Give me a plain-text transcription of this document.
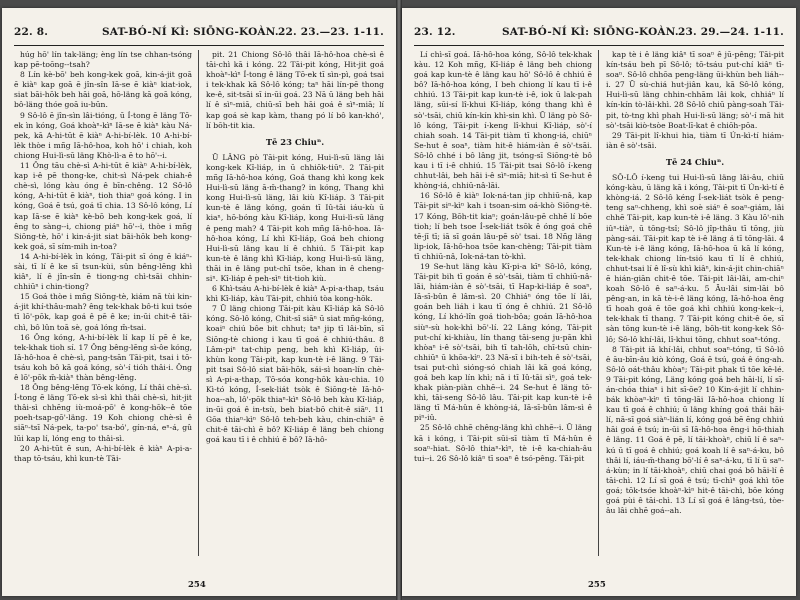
22. 8.	SAT-BÓ-NÍ KÌ: SIŌNG-KOÀN. 22. 23.—23. 1-11.

húg hō' lín tak-läng; èng lín tse chhan-tsóng kap pē-toōng--tsah?

8 Lín kè-bō' beh kong-kek goā, kin-á-jit goā ē kiàⁿ kap goā ē jîn-sîn Iā-se ē kiàⁿ kiat-iok, siat bāi-hōk beh hāi goā, hō-läng kā goā kóng, bô-läng thóe goā iu-būn.

9 Sô-lô ē jîn-sìn lâi-tióng, ū Í-tong ē läng Tō-ek ìn kóng, Goá khoàⁿ-kìⁿ Iā-se ē kiàⁿ kàu Ná-pek, kā A-hi-tūt ē kiàⁿ A-hi-bí-lèk. 10 A-hi-bí-lèk thòe i mñg Iā-hô-hoa, koh hō' i chiah, koh chiong Hui-lì-sū läng Khò-lì-a ē to hō'--i.

11 Ông tāu chè-sì A-hi-tūt ē kiàⁿ A-hi-bí-lèk, kap i-ê pē thong-ke, chit-sì Ná-pek chiah-ê chè-sì, lóng kàu óng ê bīn-chêng. 12 Sô-lô kóng, A-hi-tūt ē kiàⁿ, tioh thiaⁿ goá kóng. I in kóng, Goá ē tsú, goá tī chia. 13 Sô-lô kóng, Lí kap Iā-se ē kiàⁿ kè-bō beh kong-kek goá, lí êng to sàng--i, chiong piáⁿ hō'--i, thòe i mñg Siōng-tè, hō' i kin-á-jit siat bāi-hōk beh kong-kek goá, sī sím-mih in-toa?

14 A-hi-bí-lèk ìn kóng, Tāi-pit sī óng ē kiáⁿ-sài, tī lí ê ke sī tsun-kùi, sûn bêng-lēng khì kiâⁿ, lí ê jîn-sîn ē tiong-ng chì-tsāi chhin-chhiūⁿ i chin-tiong?

15 Goá thòe i mñg Siōng-tè, kiám nā tùi kin-á-jit khí-thâu-mah? êng tek-khak bô-ti kui tsóe tī lō'-pōk, kap goá ê pē ê ke; in-ūi chit-ê tāi-chì, bô lûn toā sè, goá lóng m̄-tsai.

16 Ông kóng, A-hi-bí-lèk lí kap lí pē ê ke, tek-khak tioh sí. 17 Ông bêng-lēng sì-ôe kóng, Iā-hô-hoa ê chè-sì, pang-tsān Tāi-pit, tsai i tō-tsáu koh bô kā goá kóng, sò'-í tióh thâi-i. Ông ê lō'-pōk m̄-kiàⁿ thàn bêng-lēng.

18 Ông bêng-lēng Tō-ek kóng, Lí thâi chè-sì. Í-tong ē läng Tō-ek sì-sì khì thâi chè-sì, hit-jit thâi-sì chhēng iù-moá-pō' ê kong-hōk--ê tōe poeh-tsap-gō'-läng. 19 Koh chiong chè-sì ê siāⁿ-tsī Ná-pek, ta-po' tsa-bó', gín-ná, eⁿ-á, gû lūi kap lí, lóng eng to thâi-sì.

20 A-hi-tūt ē sun, A-hi-bí-lèk ê kiàⁿ A-pi-a-thap tō-tsáu, khì kun-tè Tāi-

pit. 21 Chiong Sô-lô thâi Iā-hô-hoa chè-sì ê tāi-chì kā i kóng. 22 Tāi-pit kóng, Hit-jit goá khoàⁿ-kìⁿ Í-tong ê läng Tō-ek tī sìn-pì, goá tsai i tek-khak kā Sô-lô kóng; taⁿ hāi lín-pē thong ke-ê, sit-tsāi sī in-ūi goá. 23 Nā ū läng beh hāi lí ê sìⁿ-miā, chiū-sī beh hāi goá ê sìⁿ-miā; lí kap goá sè kap kàm, thang pó lí bô kan-khó', lí bōh-tit kia.

Tē 23 Chiuⁿ.

Ū LÂNG pò Tāi-pit kóng, Hui-lì-sū läng lâi kong-kek Kî-liáp, in ū chhiōk-tiūⁿ. 2 Tāi-pit mñg Iā-hô-hoa kóng, Goá thang khì kong kek Hui-lì-sū läng ā-m̄-thang? in kóng, Thang khì kong Hui-lì-sū läng, lâi kiù Kî-liáp. 3 Tāi-pit kun-tè ê läng kóng, goán tī Iû-tāi iáu-kù ū kiaⁿ, hō-bóng kàu Kî-liáp, kong Hui-lì-sū läng ê peng mah? 4 Tāi-pit koh mñg Iā-hô-hoa. Iā-hô-hoa kóng, Lí khì Kî-liáp, Goá beh chiong Hui-lì-sū läng kau lí ê chhiú. 5 Tāi-pit kap kun-tè ê läng khì Kî-liáp, kong Hui-lì-sū läng, thāi in ê läng put-chī tsōe, khan in ê cheng-siⁿ. Kî-liáp ê peh-sìⁿ tit-tioh kiù.

6 Khì-tsáu A-hi-bí-lèk ê kiàⁿ A-pi-a-thap, tsáu khì Kî-liáp, kàu Tāi-pit, chhiú tòa kong-hōk.

7 Ū läng chiong Tāi-pit kàu Kî-liáp kā Sô-lô kóng. Sô-lô kóng, Chit-sî siāⁿ ū siat mñg-kóng, koaiⁿ chiú bôe bit chhut; taⁿ jip tī lâi-bīn, sī Siōng-tè chiong i kau tī goá ê chhiú-thâu. 8 Lâm-piⁿ tat-chip peng, beh khì Kî-liáp, ûi-khùn kong Tāi-pit, kap kun-tè i-ê läng. 9 Tāi-pit tsai Sô-lô siat bāi-hōk, sái-sì hoan-lín chè-sì A-pi-a-thap, Tō-sóa kong-hōk kàu-chia. 10 Kì-tó kóng, Í-sek-liát tsòk ê Siōng-tè Iā-hô-hoa--ah, lô'-pōk thiaⁿ-kìⁿ Sô-lô beh kàu Kî-liáp, in-ūi goá ê in-tsù, beh biat-bō chit-ê siāⁿ. 11 Gōa thiaⁿ-kìⁿ Sô-lô teh-beh kàu, chin-chiāⁿ ē chit-ê tāi-chì ē bô? Kî-liáp ê läng beh chiong goá kau tī i ê chhiú ē bô? Iā-hô-

254
23. 12.	SAT-BÓ-NÍ KÌ: SIŌNG-KOÀN. 23. 29.—24. 1-11.

Lí chì-sī goá. Iā-hô-hoa kóng, Sô-lô tek-khak kàu. 12 Koh mñg, Kî-liáp ê läng beh chiong goá kap kun-tè ê läng kau hō' Sô-lô ê chhiú ē bô? Iā-hô-hoa kóng, I beh chiong lí kau tī i-ê chhiú. 13 Tāi-pit kap kun-tè i-ê, iok ū lak-pah läng, sūi-sí lî-khui Kî-liáp, kóng thang khì ê sò'-tsāi, chiū kín-kín khì-sin khì. Ū läng pò Sô-lô kóng, Tāi-pit í-keng lî-khui Kî-liáp, sò'-í chiah soah. 14 Tāi-pit tiàm tī khong-iá, chiūⁿ Se-hut ê soaⁿ, tiàm hit-ê hiám-iàn ê sò'-tsāi. Sô-lô chhé i bô lâng jit, tsóng-sī Siōng-tè bô kau i tī i-ê chhiú. 15 Tāi-pit tsai Sô-lô í-keng chhut-lâi, beh hāi i-ê sìⁿ-miā; hit-sì tī Se-hut ê khòng-iá, chhiū-nâ-lāi.

16 Sô-lô ê kiàⁿ Iok-ná-tan jip chhiū-nâ, kap Tāi-pit siⁿ-kìⁿ kah i tsoan-sim oá-khò Siōng-tè. 17 Kóng, Bōh-tit kiaⁿ; goán-lâu-pē chhē lí bōe tioh; lí beh tsoe Í-sek-liát tsōk ê óng goá chē tē-jī tī; iā sī goán lâu-pē sò' tsai. 18 Nñg läng lip-iok, Iā-hô-hoa tsōe kan-chèng; Tāi-pit tiàm tī chhiū-nâ, Iok-ná-tan tò-khì.

19 Se-hut läng kàu Kî-pi-a kīⁿ Sô-lô, kóng, Tāi-pit bih tī goán ê sò'-tsāi, tiàm tī chhiū-nâ-lāi, hiám-iàn ê sò'-tsāi, tī Hap-ki-liáp ê soaⁿ, Iā-sī-bûn ê lâm-sì. 20 Chhiáⁿ óng tōe lí lâi, goán beh liáh i kau tī óng ê chhiú. 21 Sô-lô kóng, Lí khó-lîn goá tioh-bôa; goán Iā-hô-hoa siùⁿ-sù hok-khì bō'-lí. 22 Lâng kóng, Tāi-pit put-chí ki-khiàu, lín thang tāi-seng ju-pān khì khòaⁿ i-ê sò'-tsāi, bih tī tah-lōh, chī-tsū chin-chhiūⁿ ū khōa-kìⁿ. 23 Nā-sī i bih-teh ê sò'-tsāi, tsai put-chì sióng-só chiah lâi kā goá kóng, goá beh kap lín khì; nā i tī Iû-tāi sìⁿ, goá tek-khak piàn-piàn chhē--i. 24 Se-hut ê läng tō-khì, tāi-seng Sô-lô lâu. Tāi-pit kap kun-tè i-ê läng tī Má-hûn ê khòng-iá, Iā-sī-bûn lâm-sì ê piⁿ-iû.

25 Sô-lô chhē chêng-läng khì chhē--i. Ū läng kā i kóng, i Tāi-pit sūi-sī tiàm tī Má-hûn ê soaⁿ-hiat. Sô-lô thiaⁿ-kìⁿ, tè i-ê ka-chiah-âu tui--i. 26 Sô-lô kiâⁿ tī soaⁿ ê tsó-pêng. Tāi-pit

kap tè i ê läng kiâⁿ tī soaⁿ ê jū-pêng; Tāi-pit kín-tsáu beh pī Sô-lô; tō-tsáu put-chí kiâⁿ tī-soaⁿ. Sô-lô chhōa peng-läng ūi-khùn beh liáh--i. 27 Ū sù-chiá hut-jiân kau, kā Sô-lô kóng, Hui-lì-sū läng chhin-chhām lâi kok, chhiáⁿ lí kín-kín tò-lâi-khì. 28 Sô-lô chiū pàng-soah Tāi-pit, tò-tng khì phah Hui-lì-sū läng; sò'-í mā hit sò'-tsāi kiò-tsòe Boat-lī-kat ê chiōh-pōa.

29 Tāi-pit lî-khui hia, tiàm tī Ún-kì-tí hiám-iàn ê sò'-tsāi.

Tē 24 Chiuⁿ.

SÔ-LÔ í-keng tui Hui-lì-sū läng lâi-âu, chiū kóng-kàu, ū läng kā i kóng, Tāi-pit tī Ún-kì-tí ê khòng-iá. 2 Sô-lô kéng Í-sek-liát tsòk ê peng-teng saⁿ-chheng, khì soè siáⁿ ê soaⁿ-giám, lâi chhē Tāi-pit, kap kun-tè i-ê läng. 3 Kàu lō'-nih iûⁿ-tiàⁿ, ū tōng-tsî; Sô-lô jîp-thâu tī tōng, jiù pàng-sái. Tāi-pit kap tè i-ê läng á tī tōng-lāi. 4 Kun-tè i-ê läng kóng, Iā-hô-hoa ū kā lí kóng, tek-khak chiong lín-tsió kau tī lí ê chhiú, chhut-tsai lí ê lî-sù khì kiâⁿ, kin-á-jit chin-chiāⁿ ē hián-giān chit-ê tōe. Tāi-pit lâi-lâi, am-chiⁿ koah Sô-lô ê saⁿ-á-ku. 5 Āu-lâi sim-lāi bô pêng-an, in kā tè-i-ê läng kóng, Iā-hô-hoa êng tī hoah goá ē tōe goá khì chhiú kong-kek--i, tek-khak tī thang. 7 Tāi-pit kóng chit-ê ōe, sī sàn tōng kun-tè i-ê läng, bōh-tit kong-kek Sô-lô; Sô-lô khí-lâi, lî-khui tōng, chhut soaⁿ-tóng.

8 Tāi-pit iā khí-lâi, chhut soaⁿ-tóng, tī Sô-lô ê āu-bīn-âu kiò kóng, Goá ē tsú, goá ê óng-ah. Sô-lô oát-thâu khòaⁿ; Tāi-pit phak tī tōe kē-lé. 9 Tāi-pit kóng, Läng kóng goá beh hāi-lí, lí sī-án-chóa thiaⁿ i hit sī-ōe? 10 Kin-á-jit lí chhin-bák khòaⁿ-kìⁿ tī tōng-lāi Iā-hô-hoa chiong lí kau tī goá ê chhiú; ū läng khíng goá thâi hāi-lí, nā-sī goá siàⁿ-lián lí, kóng goá bē ēng chhiú hāi goá ê tsú; in-ūi sī Iā-hô-hoa êng-i hō-thiah ê läng. 11 Goá ê pē, lí tāi-khoàⁿ, chiū lí ê saⁿ-kú ū tī goá ê chhiú; goá koah lí ê saⁿ-á-ku, bô thâi lí, iáu-m̄-thang bō'-lí ê saⁿ-á-ku, tī lí ū saⁿ-á-kùn; in lí tāi-khoàⁿ, chiū chai goá bô hāi-lí ê tāi-chì. 12 Lí sī goá ê tsú; tī-chìⁿ goá khì tōe goá; tōk-tsóe khoàⁿ-kìⁿ hit-ê tāi-chì, bōe kóng goá pùi ê tāi-chì. 13 Lí sī goá ê lâng-tsú, tòe-âu lâi chhē goá--ah.

255
